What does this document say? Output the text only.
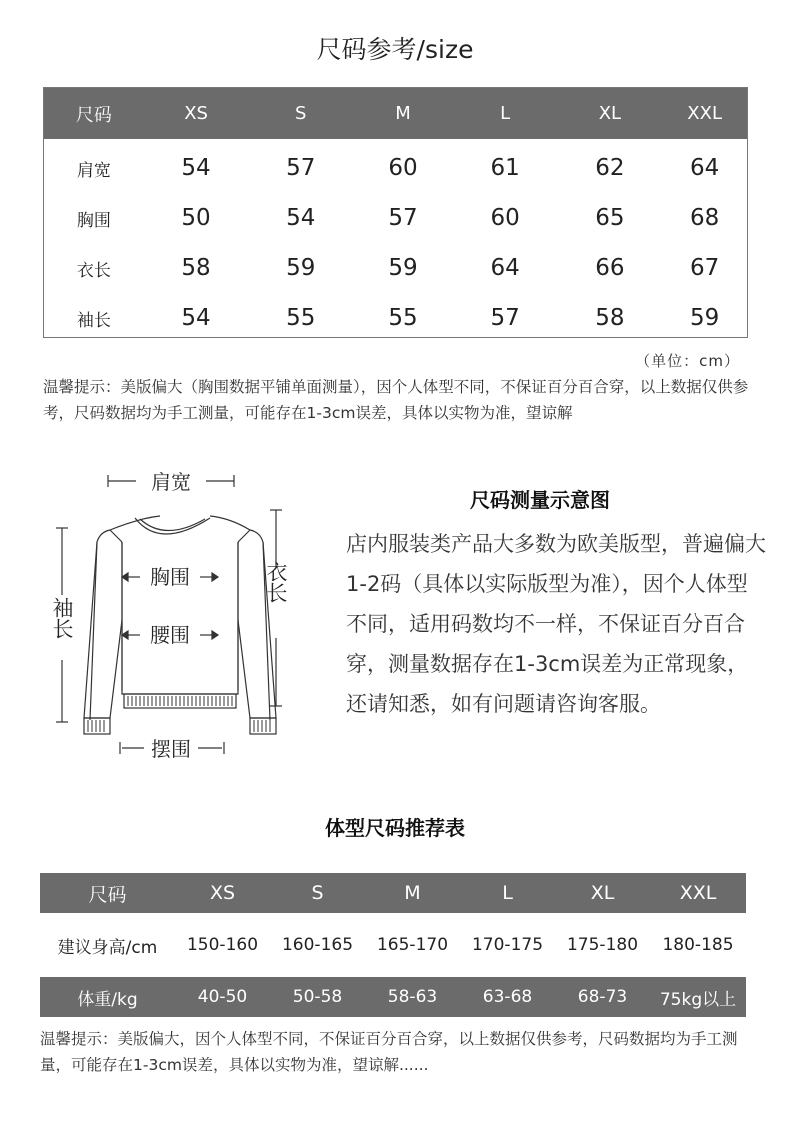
尺码参考/size
尺码	XS	S	M	L	XL	XXL
肩宽	54	57	60	61	62	64
胸围	50	54	57	60	65	68
衣长	58	59	59	64	66	67
袖长	54	55	55	57	58	59
（单位：cm）
温馨提示：美版偏大（胸围数据平铺单面测量），因个人体型不同，不保证百分百合穿，以上数据仅供参考，尺码数据均为手工测量，可能存在1-3cm误差，具体以实物为准，望谅解
肩宽
胸围
腰围
摆围
袖长
衣长
尺码测量示意图
店内服装类产品大多数为欧美版型，普遍偏大1-2码（具体以实际版型为准），因个人体型不同，适用码数均不一样，不保证百分百合穿，测量数据存在1-3cm误差为正常现象，还请知悉，如有问题请咨询客服。
体型尺码推荐表
尺码	XS	S	M	L	XL	XXL
建议身高/cm	150-160	160-165	165-170	170-175	175-180	180-185
体重/kg	40-50	50-58	58-63	63-68	68-73	75kg以上
温馨提示：美版偏大，因个人体型不同，不保证百分百合穿，以上数据仅供参考，尺码数据均为手工测量，可能存在1-3cm误差，具体以实物为准，望谅解......
